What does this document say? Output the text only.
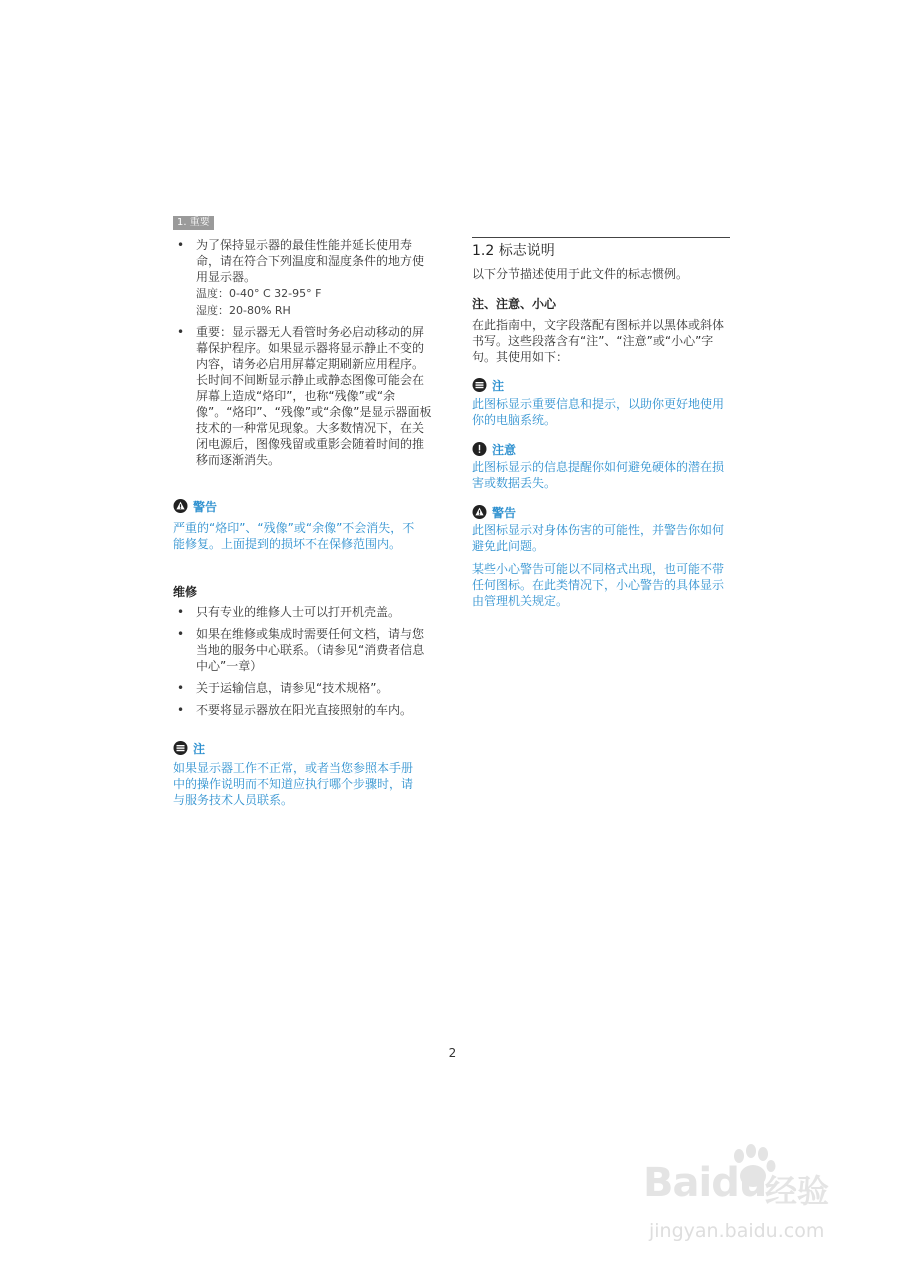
1. 重要
• 为了保持显示器的最佳性能并延长使用寿命，请在符合下列温度和湿度条件的地方使用显示器。
温度：0-40° C 32-95° F
湿度：20-80% RH
• 重要：显示器无人看管时务必启动移动的屏幕保护程序。如果显示器将显示静止不变的内容，请务必启用屏幕定期刷新应用程序。长时间不间断显示静止或静态图像可能会在屏幕上造成“烙印”，也称“残像”或“余像”。“烙印”、“残像”或“余像”是显示器面板技术的一种常见现象。大多数情况下，在关闭电源后，图像残留或重影会随着时间的推移而逐渐消失。
警告
严重的“烙印”、“残像”或“余像”不会消失，不能修复。上面提到的损坏不在保修范围内。
维修
• 只有专业的维修人士可以打开机壳盖。
• 如果在维修或集成时需要任何文档，请与您当地的服务中心联系。（请参见“消费者信息中心”一章）
• 关于运输信息，请参见“技术规格”。
• 不要将显示器放在阳光直接照射的车内。
注
如果显示器工作不正常，或者当您参照本手册中的操作说明而不知道应执行哪个步骤时，请与服务技术人员联系。
1.2 标志说明
以下分节描述使用于此文件的标志惯例。
注、注意、小心
在此指南中，文字段落配有图标并以黑体或斜体书写。这些段落含有“注”、“注意”或“小心”字句。其使用如下：
注
此图标显示重要信息和提示，以助你更好地使用你的电脑系统。
注意
此图标显示的信息提醒你如何避免硬体的潜在损害或数据丢失。
警告
此图标显示对身体伤害的可能性，并警告你如何避免此问题。
某些小心警告可能以不同格式出现，也可能不带任何图标。在此类情况下，小心警告的具体显示由管理机关规定。
2
Baidu
经验
jingyan.baidu.com
